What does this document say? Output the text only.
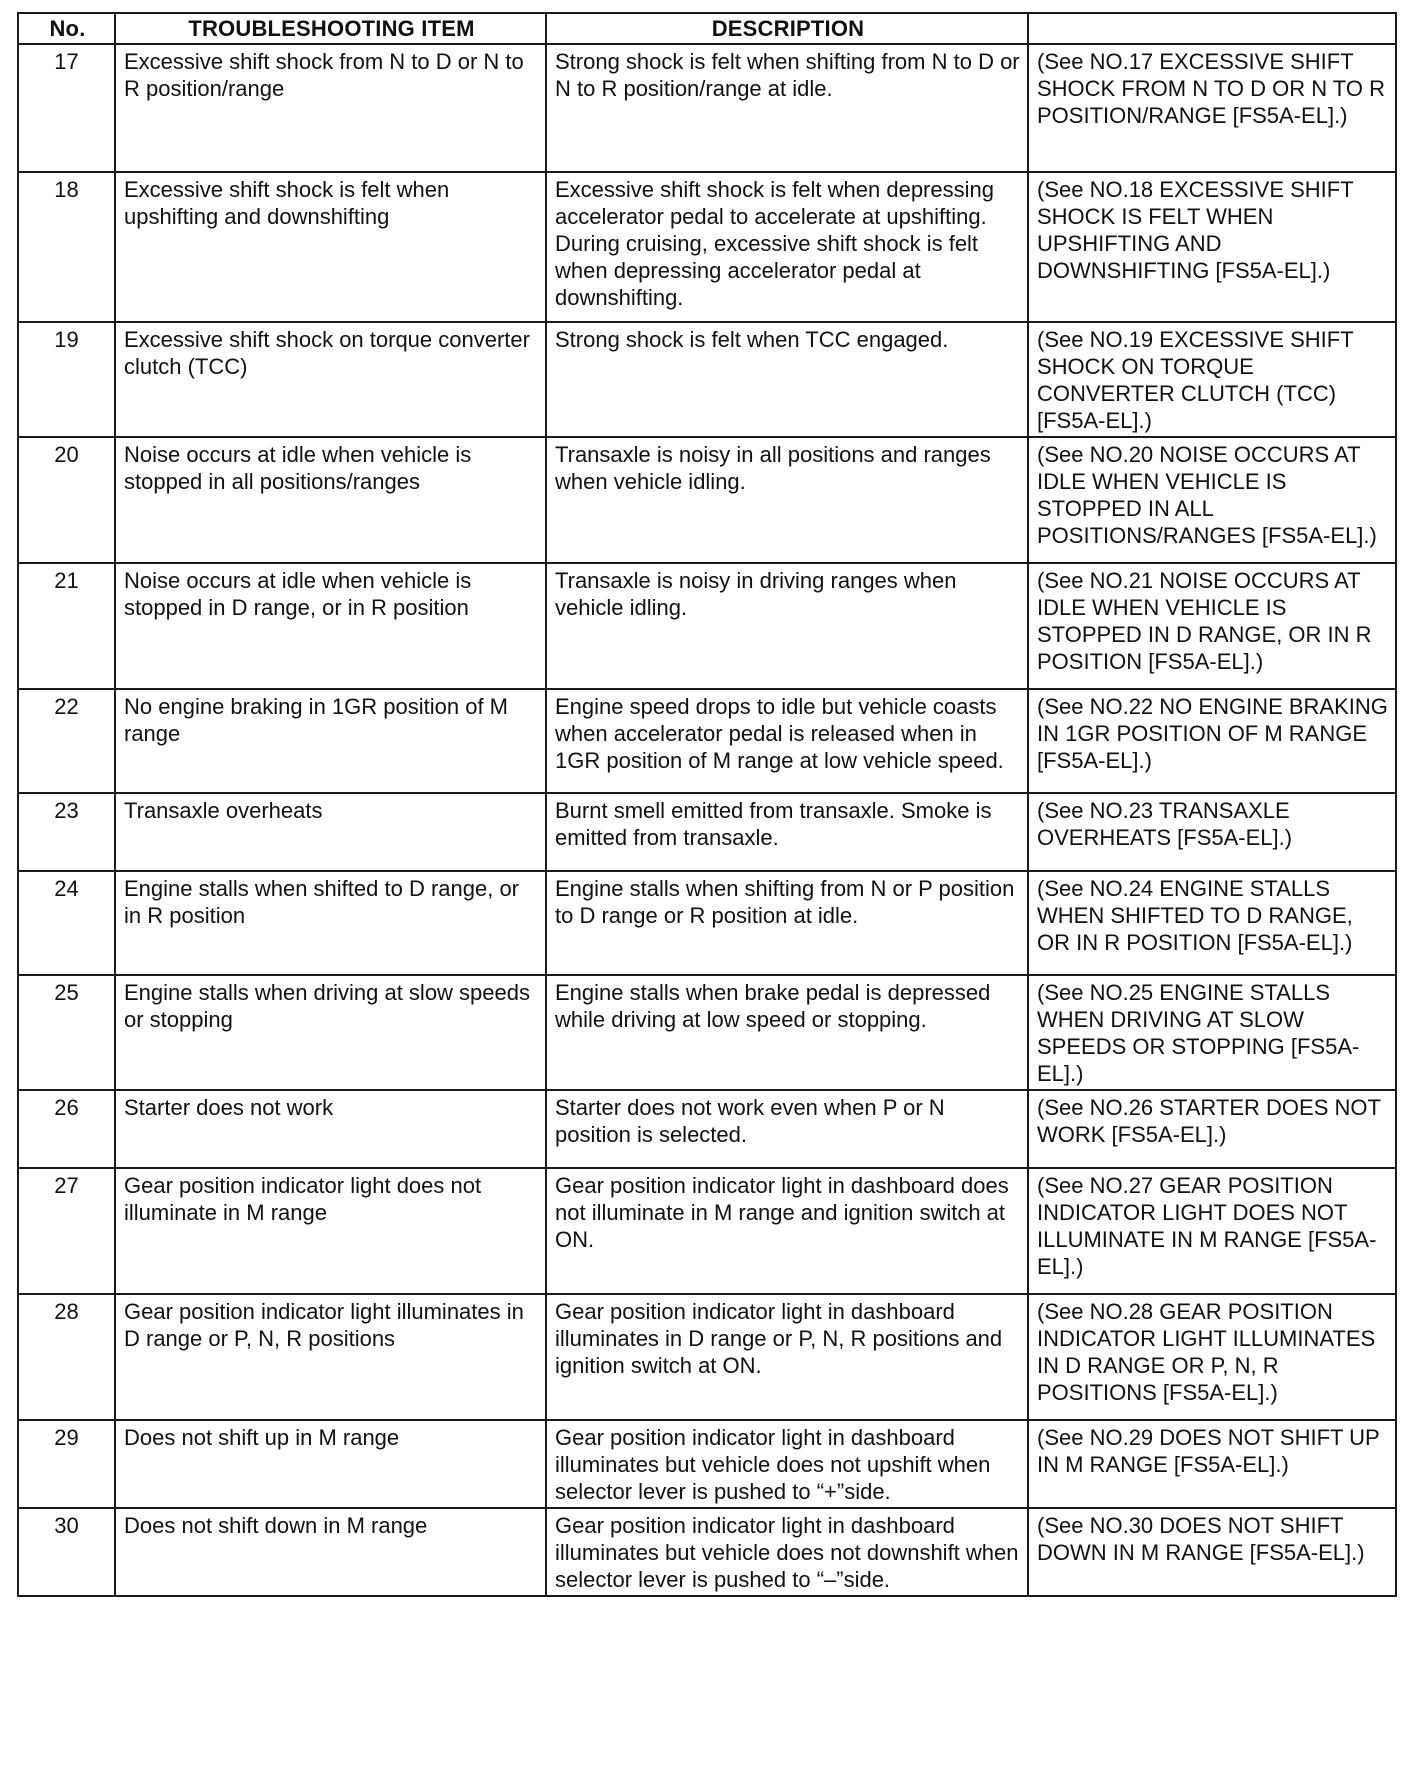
No.	TROUBLESHOOTING ITEM	DESCRIPTION	
17	Excessive shift shock from N to D or N to R position/range	Strong shock is felt when shifting from N to D or N to R position/range at idle.	(See NO.17 EXCESSIVE SHIFT SHOCK FROM N TO D OR N TO R POSITION/RANGE [FS5A-EL].)
18	Excessive shift shock is felt when upshifting and downshifting	Excessive shift shock is felt when depressing accelerator pedal to accelerate at upshifting. During cruising, excessive shift shock is felt when depressing accelerator pedal at downshifting.	(See NO.18 EXCESSIVE SHIFT SHOCK IS FELT WHEN UPSHIFTING AND DOWNSHIFTING [FS5A-EL].)
19	Excessive shift shock on torque converter clutch (TCC)	Strong shock is felt when TCC engaged.	(See NO.19 EXCESSIVE SHIFT SHOCK ON TORQUE CONVERTER CLUTCH (TCC) [FS5A-EL].)
20	Noise occurs at idle when vehicle is stopped in all positions/ranges	Transaxle is noisy in all positions and ranges when vehicle idling.	(See NO.20 NOISE OCCURS AT IDLE WHEN VEHICLE IS STOPPED IN ALL POSITIONS/RANGES [FS5A-EL].)
21	Noise occurs at idle when vehicle is stopped in D range, or in R position	Transaxle is noisy in driving ranges when vehicle idling.	(See NO.21 NOISE OCCURS AT IDLE WHEN VEHICLE IS STOPPED IN D RANGE, OR IN R POSITION [FS5A-EL].)
22	No engine braking in 1GR position of M range	Engine speed drops to idle but vehicle coasts when accelerator pedal is released when in 1GR position of M range at low vehicle speed.	(See NO.22 NO ENGINE BRAKING IN 1GR POSITION OF M RANGE [FS5A-EL].)
23	Transaxle overheats	Burnt smell emitted from transaxle. Smoke is emitted from transaxle.	(See NO.23 TRANSAXLE OVERHEATS [FS5A-EL].)
24	Engine stalls when shifted to D range, or in R position	Engine stalls when shifting from N or P position to D range or R position at idle.	(See NO.24 ENGINE STALLS WHEN SHIFTED TO D RANGE, OR IN R POSITION [FS5A-EL].)
25	Engine stalls when driving at slow speeds or stopping	Engine stalls when brake pedal is depressed while driving at low speed or stopping.	(See NO.25 ENGINE STALLS WHEN DRIVING AT SLOW SPEEDS OR STOPPING [FS5A-EL].)
26	Starter does not work	Starter does not work even when P or N position is selected.	(See NO.26 STARTER DOES NOT WORK [FS5A-EL].)
27	Gear position indicator light does not illuminate in M range	Gear position indicator light in dashboard does not illuminate in M range and ignition switch at ON.	(See NO.27 GEAR POSITION INDICATOR LIGHT DOES NOT ILLUMINATE IN M RANGE [FS5A-EL].)
28	Gear position indicator light illuminates in D range or P, N, R positions	Gear position indicator light in dashboard illuminates in D range or P, N, R positions and ignition switch at ON.	(See NO.28 GEAR POSITION INDICATOR LIGHT ILLUMINATES IN D RANGE OR P, N, R POSITIONS [FS5A-EL].)
29	Does not shift up in M range	Gear position indicator light in dashboard illuminates but vehicle does not upshift when selector lever is pushed to “+”side.	(See NO.29 DOES NOT SHIFT UP IN M RANGE [FS5A-EL].)
30	Does not shift down in M range	Gear position indicator light in dashboard illuminates but vehicle does not downshift when selector lever is pushed to “–”side.	(See NO.30 DOES NOT SHIFT DOWN IN M RANGE [FS5A-EL].)
